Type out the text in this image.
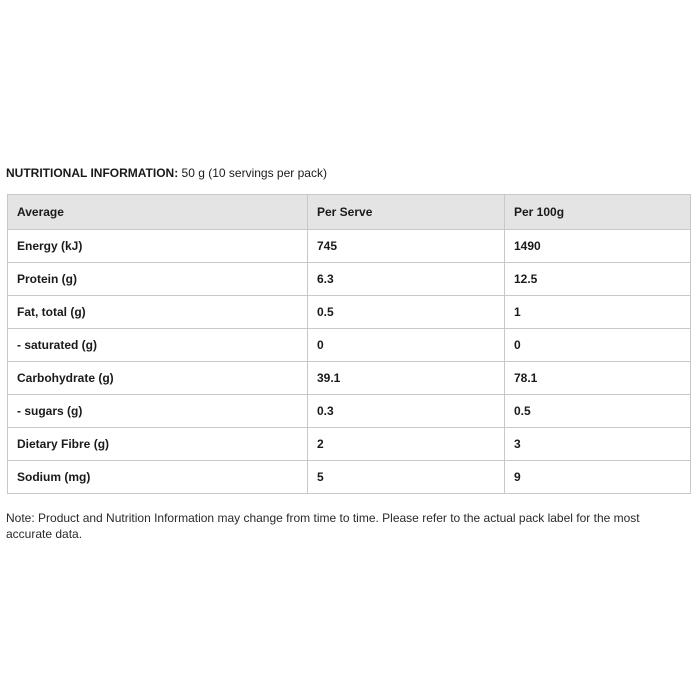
NUTRITIONAL INFORMATION: 50 g (10 servings per pack)
Average	Per Serve	Per 100g
Energy (kJ)	745	1490
Protein (g)	6.3	12.5
Fat, total (g)	0.5	1
- saturated (g)	0	0
Carbohydrate (g)	39.1	78.1
- sugars (g)	0.3	0.5
Dietary Fibre (g)	2	3
Sodium (mg)	5	9
Note: Product and Nutrition Information may change from time to time. Please refer to the actual pack label for the most accurate data.
